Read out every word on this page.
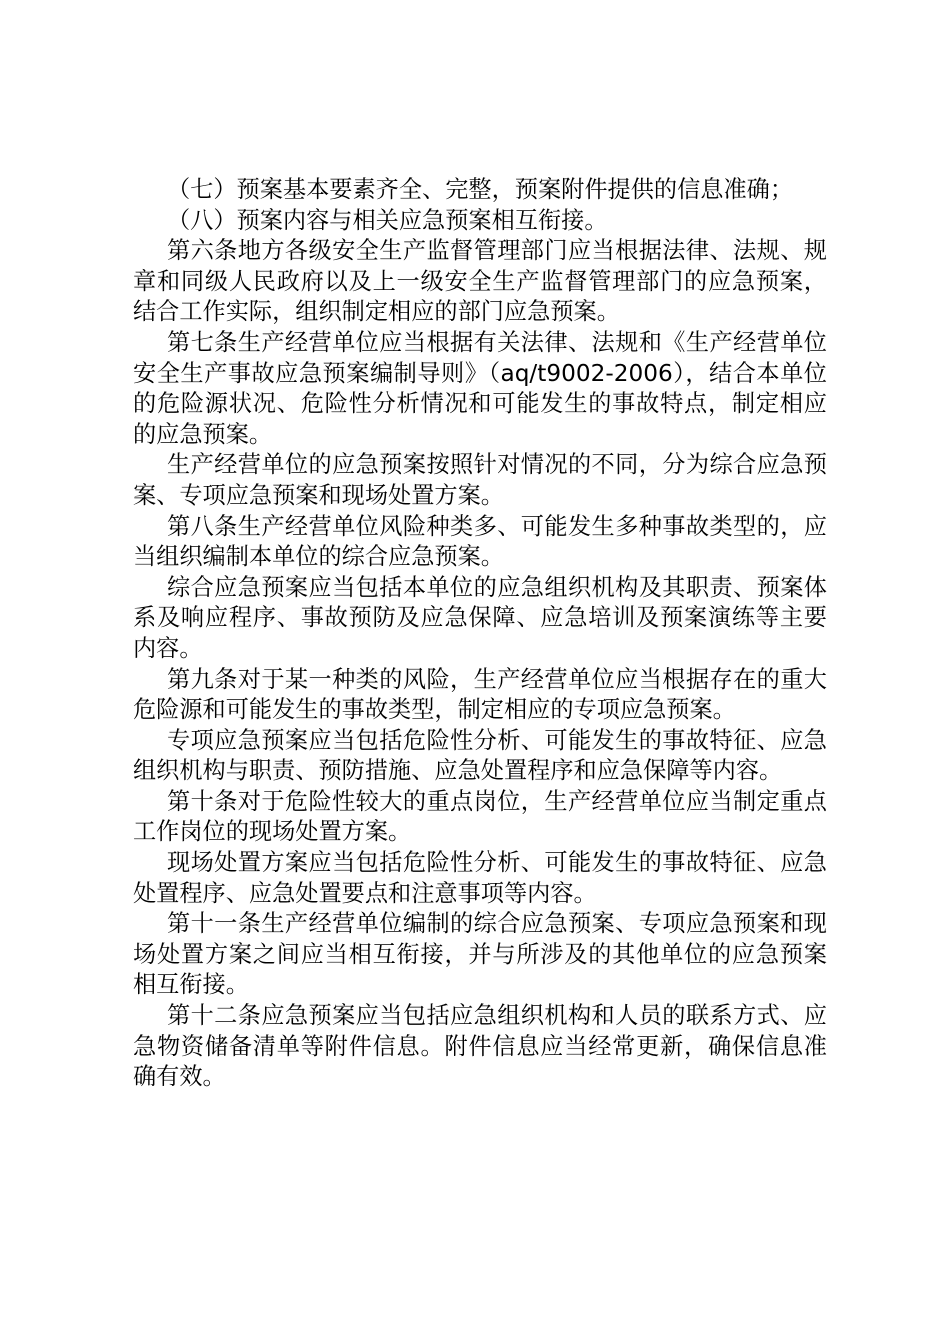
（七）预案基本要素齐全、完整，预案附件提供的信息准确；

（八）预案内容与相关应急预案相互衔接。

第六条地方各级安全生产监督管理部门应当根据法律、法规、规章和同级人民政府以及上一级安全生产监督管理部门的应急预案，结合工作实际，组织制定相应的部门应急预案。

第七条生产经营单位应当根据有关法律、法规和《生产经营单位安全生产事故应急预案编制导则》（aq/t9002-2006），结合本单位的危险源状况、危险性分析情况和可能发生的事故特点，制定相应的应急预案。

生产经营单位的应急预案按照针对情况的不同，分为综合应急预案、专项应急预案和现场处置方案。

第八条生产经营单位风险种类多、可能发生多种事故类型的，应当组织编制本单位的综合应急预案。

综合应急预案应当包括本单位的应急组织机构及其职责、预案体系及响应程序、事故预防及应急保障、应急培训及预案演练等主要内容。

第九条对于某一种类的风险，生产经营单位应当根据存在的重大危险源和可能发生的事故类型，制定相应的专项应急预案。

专项应急预案应当包括危险性分析、可能发生的事故特征、应急组织机构与职责、预防措施、应急处置程序和应急保障等内容。

第十条对于危险性较大的重点岗位，生产经营单位应当制定重点工作岗位的现场处置方案。

现场处置方案应当包括危险性分析、可能发生的事故特征、应急处置程序、应急处置要点和注意事项等内容。

第十一条生产经营单位编制的综合应急预案、专项应急预案和现场处置方案之间应当相互衔接，并与所涉及的其他单位的应急预案相互衔接。

第十二条应急预案应当包括应急组织机构和人员的联系方式、应急物资储备清单等附件信息。附件信息应当经常更新，确保信息准确有效。
